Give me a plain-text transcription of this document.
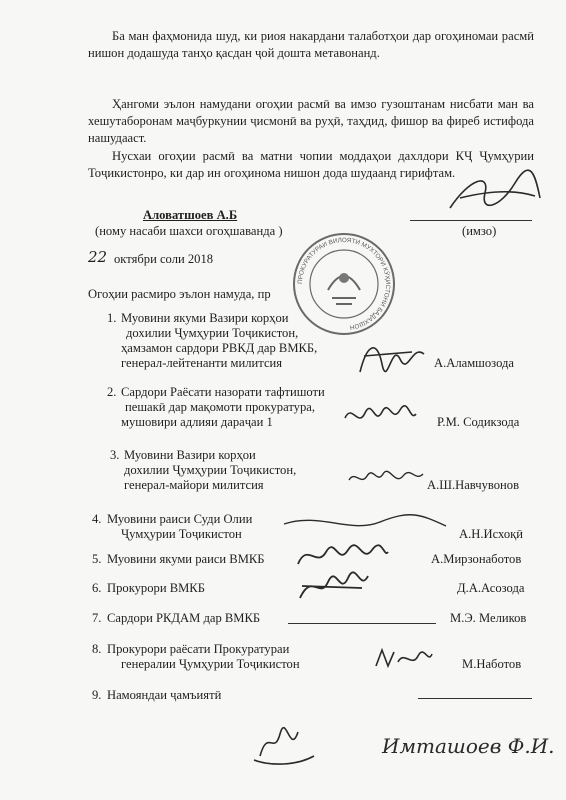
Ба ман фаҳмонида шуд, ки риоя накардани талаботҳои дар огоҳиномаи расмӣ нишон додашуда танҳо қасдан ҷой дошта метавонанд.
Ҳангоми эълон намудани огоҳии расмӣ ва имзо гузоштанам нисбати ман ва хешутаборонам маҷбуркунии ҷисмонӣ ва руҳӣ, таҳдид, фишор ва фиреб истифода нашудааст.
Нусхаи огоҳии расмӣ ва матни чопии моддаҳои дахлдори КҶ Ҷумҳурии Тоҷикистонро, ки дар ин огоҳинома нишон дода шудаанд гирифтам.
Аловатшоев А.Б
(ному насаби шахси огоҳшаванда )	(имзо)
22 октябри соли 2018
Огоҳии расмиро эълон намуда, пр
ПРОКУРАТУРАИ ВИЛОЯТИ МУХТОРИ КӮҲИСТОНИ БАДАХШОН
1. Муовини якуми Вазири корҳои
дохилии Ҷумҳурии Тоҷикистон,
ҳамзамон сардори РВКД дар ВМКБ,
генерал-лейтенанти милитсия	А.Аламшозода
2. Сардори Раёсати назорати тафтишоти
пешакӣ дар мақомоти прокуратура,
мушовири адлияи дараҷаи 1	Р.М. Содикзода
3. Муовини Вазири корҳои
дохилии Ҷумҳурии Тоҷикистон,
генерал-майори милитсия	А.Ш.Навчувонов
4. Муовини раиси Суди Олии
Ҷумҳурии Тоҷикистон	А.Н.Исхоқӣ
5. Муовини якуми раиси ВМКБ	А.Мирзонаботов
6. Прокурори ВМКБ	Д.А.Асозода
7. Сардори РКДАМ дар ВМКБ	М.Э. Меликов
8. Прокурори раёсати Прокуратураи
генералии Ҷумҳурии Тоҷикистон	М.Наботов
9. Намояндаи ҷамъиятӣ
Имтaшоев Ф.И.
